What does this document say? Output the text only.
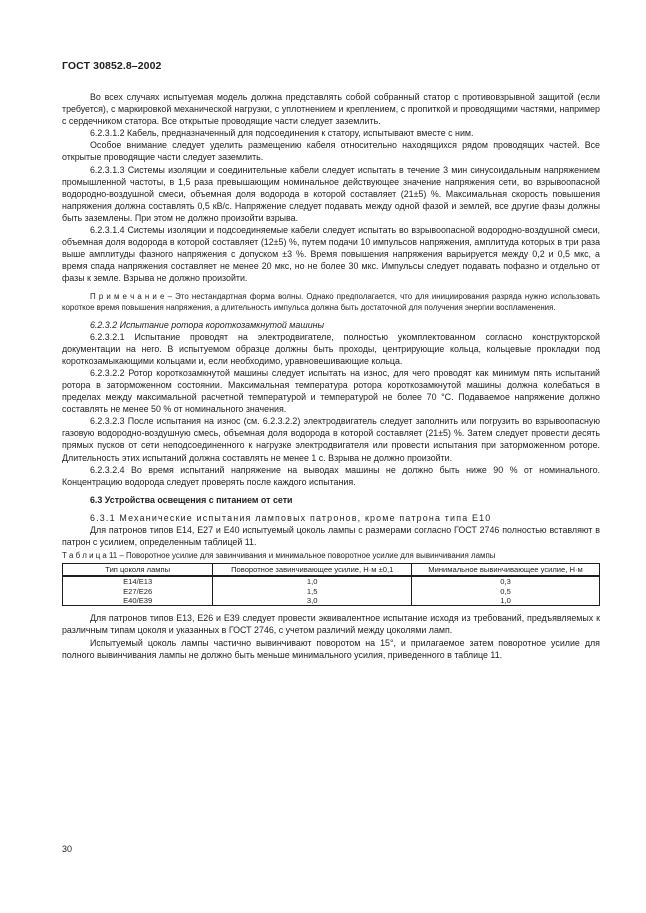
ГОСТ 30852.8–2002

Во всех случаях испытуемая модель должна представлять собой собранный статор с противовзрывной защитой (если требуется), с маркировкой механической нагрузки, с уплотнением и креплением, с пропиткой и проводящими частями, например с сердечником статора. Все открытые проводящие части следует заземлить.

6.2.3.1.2 Кабель, предназначенный для подсоединения к статору, испытывают вместе с ним.

Особое внимание следует уделить размещению кабеля относительно находящихся рядом проводящих частей. Все открытые проводящие части следует заземлить.

6.2.3.1.3 Системы изоляции и соединительные кабели следует испытать в течение 3 мин синусоидальным напряжением промышленной частоты, в 1,5 раза превышающим номинальное действующее значение напряжения сети, во взрывоопасной водородно-воздушной смеси, объемная доля водорода в которой составляет (21±5) %. Максимальная скорость повышения напряжения должна составлять 0,5 кВ/с. Напряжение следует подавать между одной фазой и землей, все другие фазы должны быть заземлены. При этом не должно произойти взрыва.

6.2.3.1.4 Системы изоляции и подсоединяемые кабели следует испытать во взрывоопасной водородно-воздушной смеси, объемная доля водорода в которой составляет (12±5) %, путем подачи 10 импульсов напряжения, амплитуда которых в три раза выше амплитуды фазного напряжения с допуском ±3 %. Время повышения напряжения варьируется между 0,2 и 0,5 мкс, а время спада напряжения составляет не менее 20 мкс, но не более 30 мкс. Импульсы следует подавать пофазно и отдельно от фазы к земле. Взрыва не должно произойти.

П р и м е ч а н и е – Это нестандартная форма волны. Однако предполагается, что для инициирования разряда нужно использовать короткое время повышения напряжения, а длительность импульса должна быть достаточной для получения энергии воспламенения.

6.2.3.2 Испытание ротора короткозамкнутой машины

6.2.3.2.1 Испытание проводят на электродвигателе, полностью укомплектованном согласно конструкторской документации на него. В испытуемом образце должны быть проходы, центрирующие кольца, кольцевые прокладки под короткозамыкающими кольцами и, если необходимо, уравновешивающие кольца.

6.2.3.2.2 Ротор короткозамкнутой машины следует испытать на износ, для чего проводят как минимум пять испытаний ротора в заторможенном состоянии. Максимальная температура ротора короткозамкнутой машины должна колебаться в пределах между максимальной расчетной температурой и температурой не более 70 °С. Подаваемое напряжение должно составлять не менее 50 % от номинального значения.

6.2.3.2.3 После испытания на износ (см. 6.2.3.2.2) электродвигатель следует заполнить или погрузить во взрывоопасную газовую водородно-воздушную смесь, объемная доля водорода в которой составляет (21±5) %. Затем следует провести десять прямых пусков от сети неподсоединенного к нагрузке электродвигателя или провести испытания при заторможенном роторе. Длительность этих испытаний должна составлять не менее 1 с. Взрыва не должно произойти.

6.2.3.2.4 Во время испытаний напряжение на выводах машины не должно быть ниже 90 % от номинального. Концентрацию водорода следует проверять после каждого испытания.

6.3 Устройства освещения с питанием от сети

6.3.1 Механические испытания ламповых патронов, кроме патрона типа Е10

Для патронов типов Е14, Е27 и Е40 испытуемый цоколь лампы с размерами согласно ГОСТ 2746 полностью вставляют в патрон с усилием, определенным таблицей 11.

Т а б л и ц а 11 – Поворотное усилие для завинчивания и минимальное поворотное усилие для вывинчивания лампы

Тип цоколя лампы	Поворотное завинчивающее усилие, Н·м ±0,1	Минимальное вывинчивающее усилие, Н·м
Е14/Е13	1,0	0,3
Е27/Е26	1,5	0,5
Е40/Е39	3,0	1,0

Для патронов типов Е13, Е26 и Е39 следует провести эквивалентное испытание исходя из требований, предъявляемых к различным типам цоколя и указанных в ГОСТ 2746, с учетом различий между цоколями ламп.

Испытуемый цоколь лампы частично вывинчивают поворотом на 15°, и прилагаемое затем поворотное усилие для полного вывинчивания лампы не должно быть меньше минимального усилия, приведенного в таблице 11.

30
